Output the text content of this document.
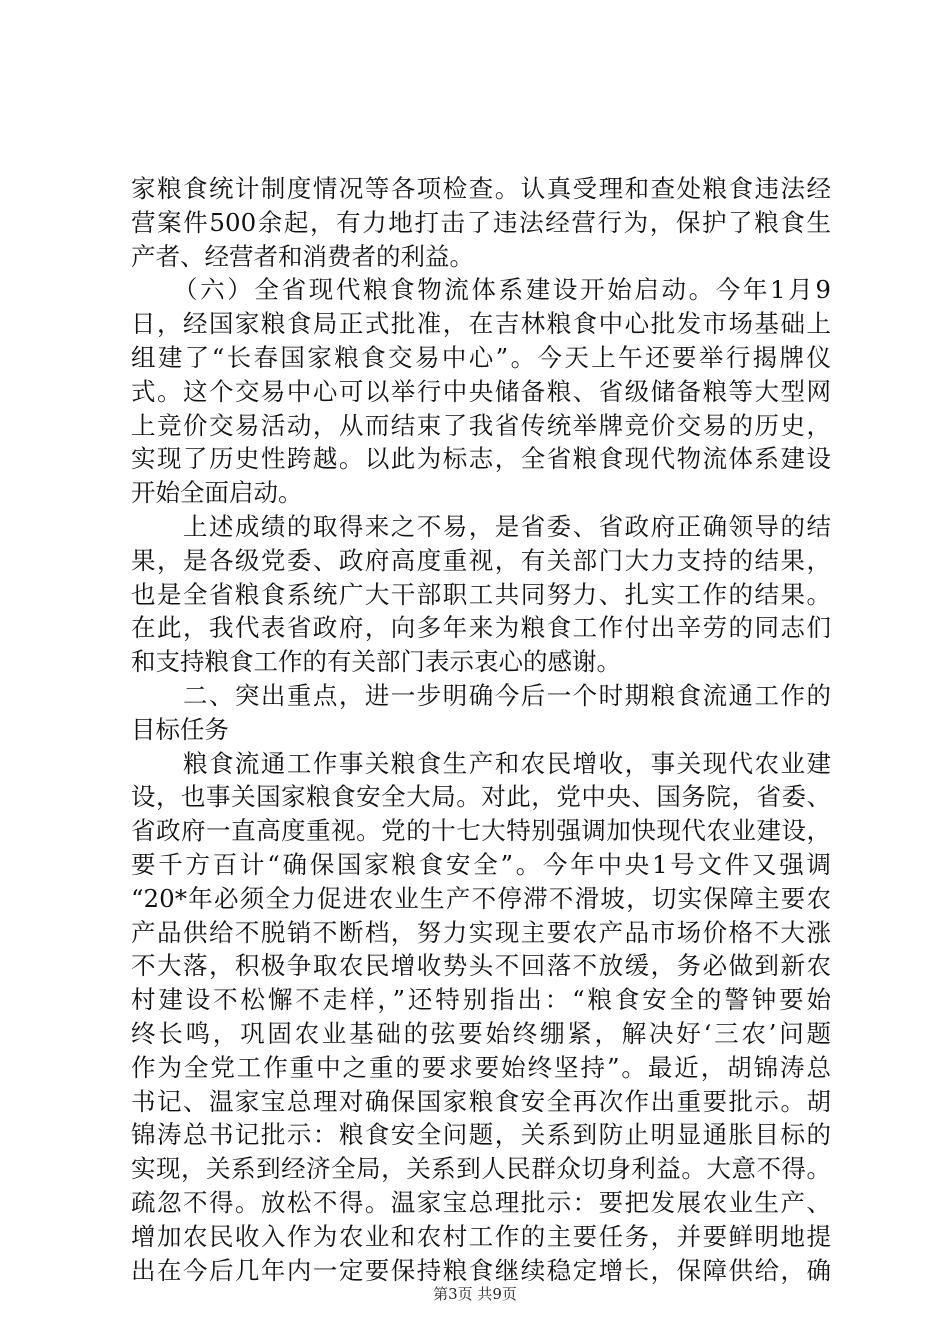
家粮食统计制度情况等各项检查。认真受理和查处粮食违法经
营案件500余起，有力地打击了违法经营行为，保护了粮食生
产者、经营者和消费者的利益。
　　（六）全省现代粮食物流体系建设开始启动。今年1月9
日，经国家粮食局正式批准，在吉林粮食中心批发市场基础上
组建了“长春国家粮食交易中心”。今天上午还要举行揭牌仪
式。这个交易中心可以举行中央储备粮、省级储备粮等大型网
上竞价交易活动，从而结束了我省传统举牌竞价交易的历史，
实现了历史性跨越。以此为标志，全省粮食现代物流体系建设
开始全面启动。
　　上述成绩的取得来之不易，是省委、省政府正确领导的结
果，是各级党委、政府高度重视，有关部门大力支持的结果，
也是全省粮食系统广大干部职工共同努力、扎实工作的结果。
在此，我代表省政府，向多年来为粮食工作付出辛劳的同志们
和支持粮食工作的有关部门表示衷心的感谢。
　　二、突出重点，进一步明确今后一个时期粮食流通工作的
目标任务
　　粮食流通工作事关粮食生产和农民增收，事关现代农业建
设，也事关国家粮食安全大局。对此，党中央、国务院，省委、
省政府一直高度重视。党的十七大特别强调加快现代农业建设，
要千方百计“确保国家粮食安全”。今年中央1号文件又强调
“20*年必须全力促进农业生产不停滞不滑坡，切实保障主要农
产品供给不脱销不断档，努力实现主要农产品市场价格不大涨
不大落，积极争取农民增收势头不回落不放缓，务必做到新农
村建设不松懈不走样，”还特别指出：“粮食安全的警钟要始
终长鸣，巩固农业基础的弦要始终绷紧，解决好‘三农’问题
作为全党工作重中之重的要求要始终坚持”。最近，胡锦涛总
书记、温家宝总理对确保国家粮食安全再次作出重要批示。胡
锦涛总书记批示：粮食安全问题，关系到防止明显通胀目标的
实现，关系到经济全局，关系到人民群众切身利益。大意不得。
疏忽不得。放松不得。温家宝总理批示：要把发展农业生产、
增加农民收入作为农业和农村工作的主要任务，并要鲜明地提
出在今后几年内一定要保持粮食继续稳定增长，保障供给，确
第3页 共9页
